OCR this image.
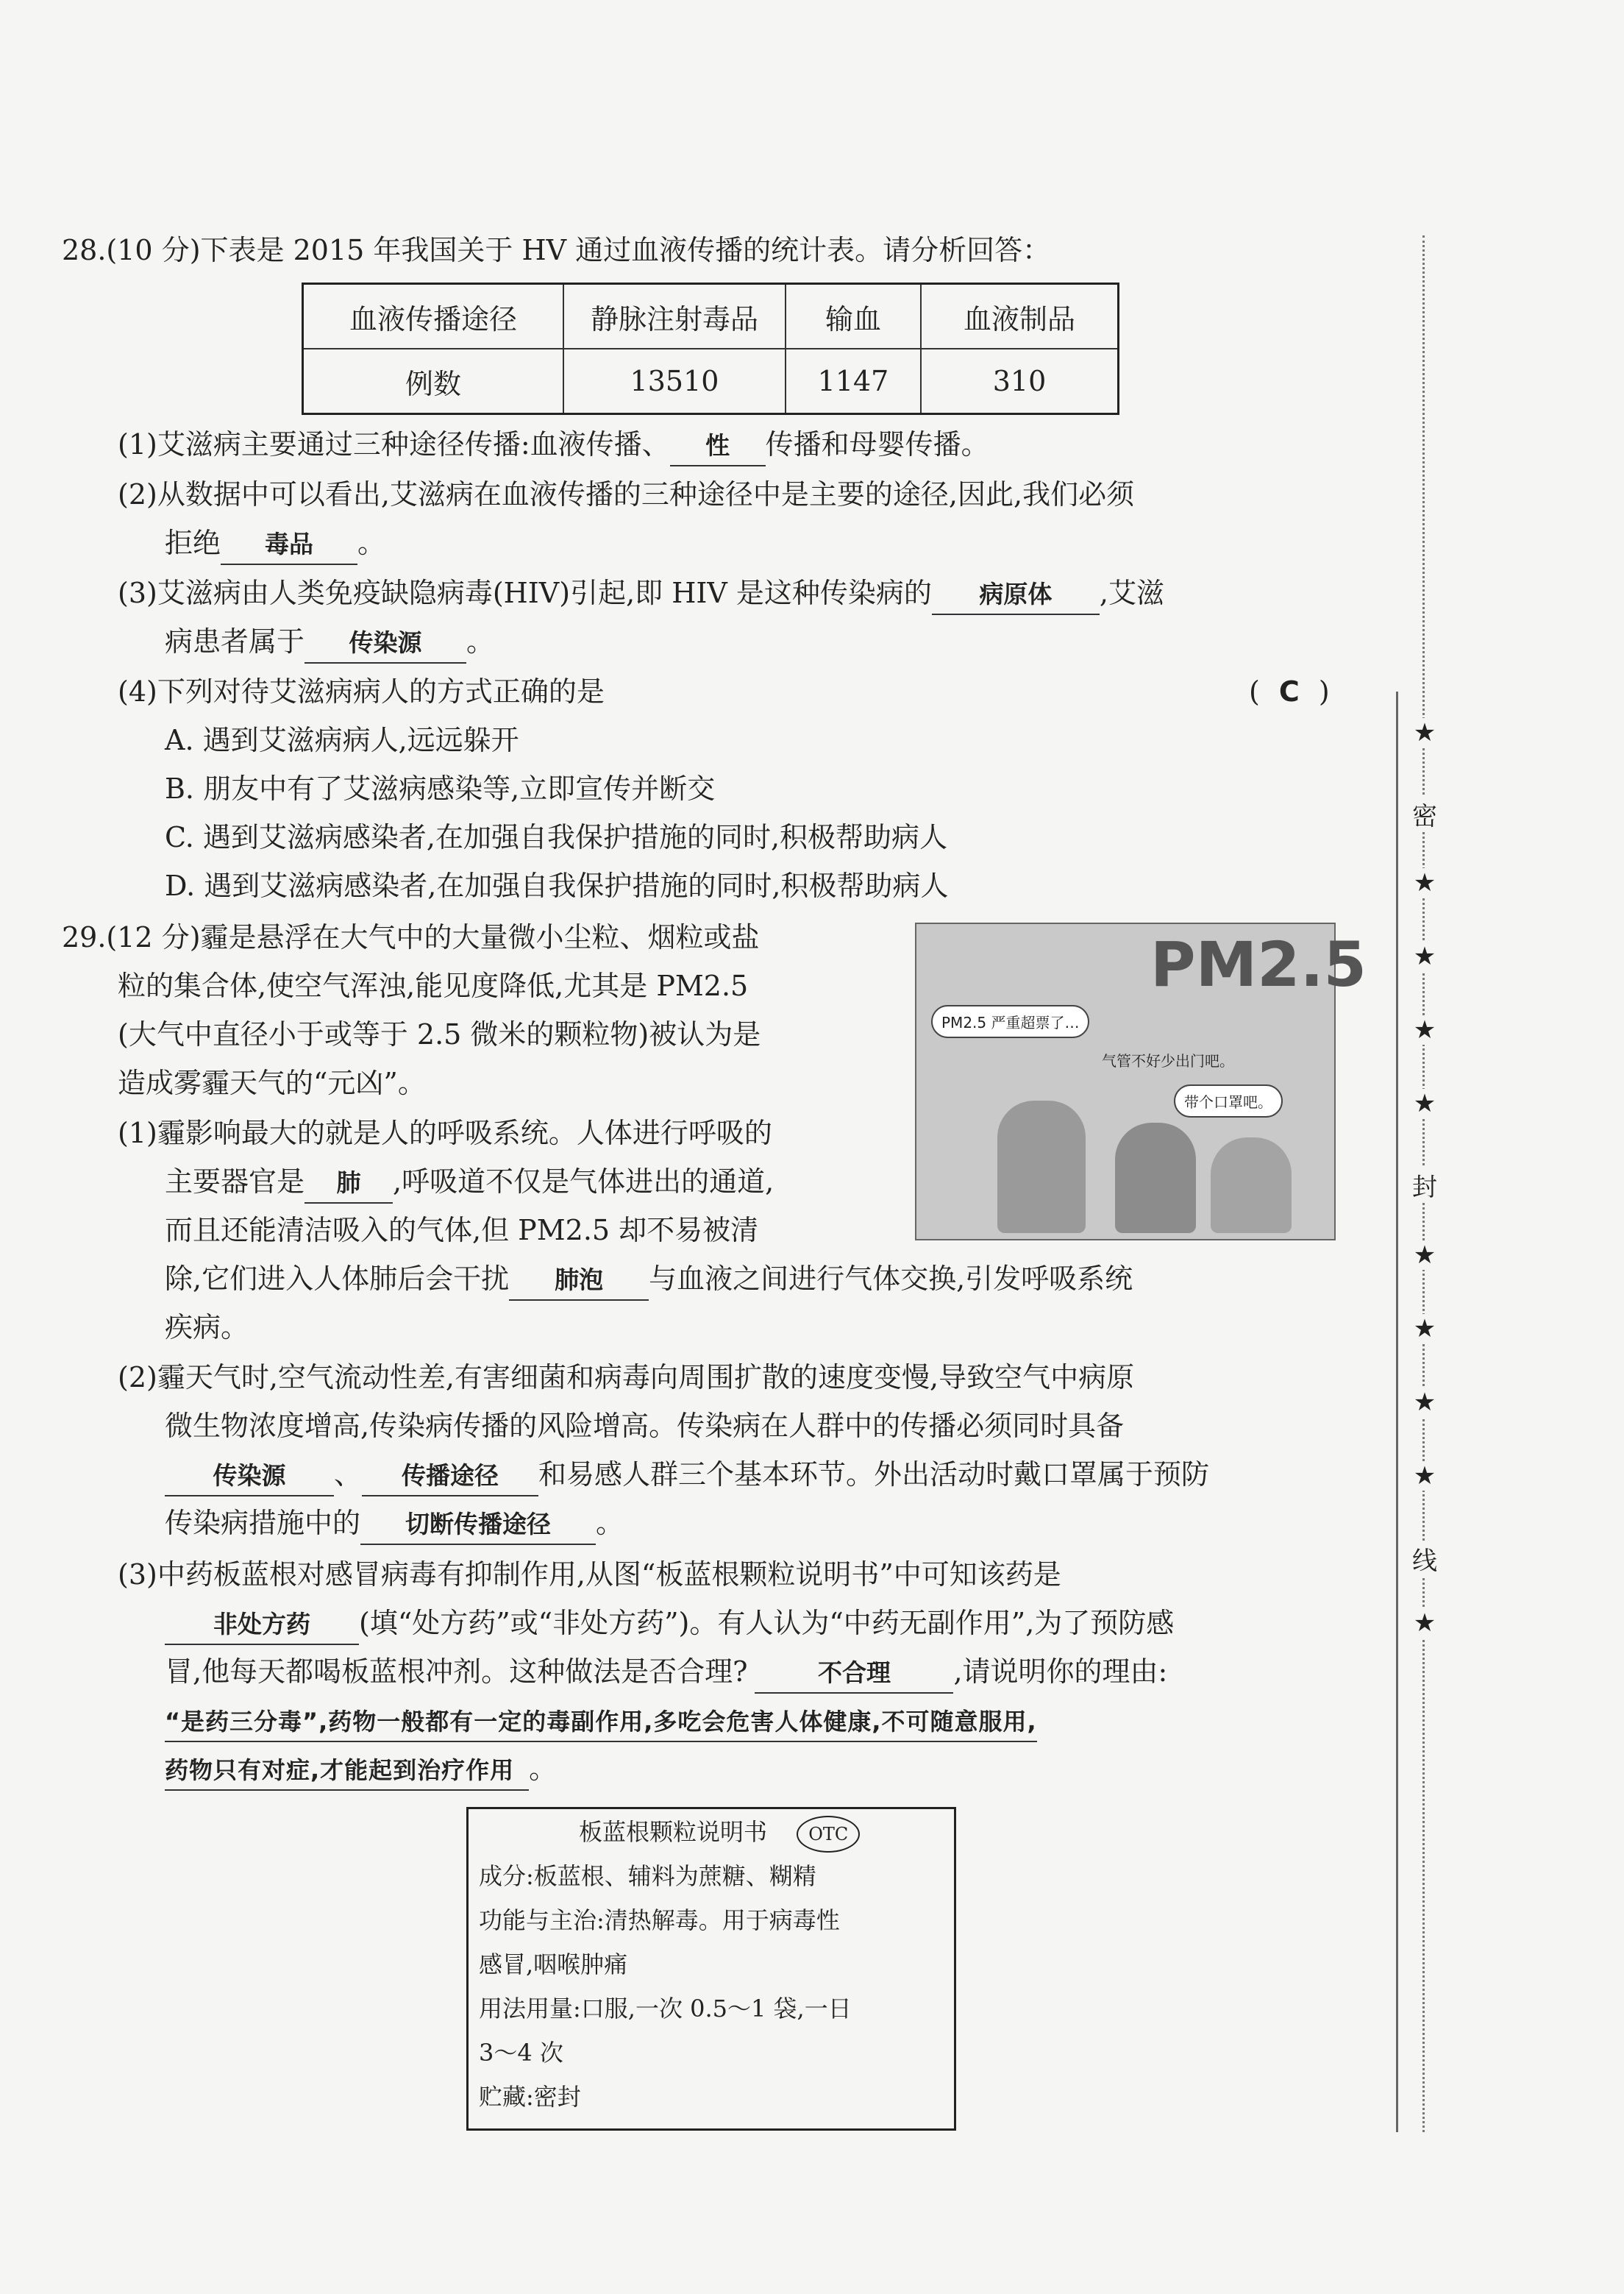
28.(10 分)下表是 2015 年我国关于 HV 通过血液传播的统计表。请分析回答：
血液传播途径	静脉注射毒品	输血	血液制品
例数	13510	1147	310
(1)艾滋病主要通过三种途径传播:血液传播、 性 传播和母婴传播。
(2)从数据中可以看出,艾滋病在血液传播的三种途径中是主要的途径,因此,我们必须
拒绝 毒品 。
(3)艾滋病由人类免疫缺隐病毒(HIV)引起,即 HIV 是这种传染病的 病原体 ,艾滋
病患者属于 传染源 。
(4)下列对待艾滋病病人的方式正确的是	( C )
A. 遇到艾滋病病人,远远躲开
B. 朋友中有了艾滋病感染等,立即宣传并断交
C. 遇到艾滋病感染者,在加强自我保护措施的同时,积极帮助病人
D. 遇到艾滋病感染者,在加强自我保护措施的同时,积极帮助病人
29.(12 分)霾是悬浮在大气中的大量微小尘粒、烟粒或盐
粒的集合体,使空气浑浊,能见度降低,尤其是 PM2.5
(大气中直径小于或等于 2.5 微米的颗粒物)被认为是
造成雾霾天气的“元凶”。
PM2.5
PM2.5 严重超票了…
气管不好少出门吧。
带个口罩吧。
(1)霾影响最大的就是人的呼吸系统。人体进行呼吸的
主要器官是 肺 ,呼吸道不仅是气体进出的通道,
而且还能清洁吸入的气体,但 PM2.5 却不易被清
除,它们进入人体肺后会干扰 肺泡 与血液之间进行气体交换,引发呼吸系统
疾病。
(2)霾天气时,空气流动性差,有害细菌和病毒向周围扩散的速度变慢,导致空气中病原
微生物浓度增高,传染病传播的风险增高。传染病在人群中的传播必须同时具备
传染源 、 传播途径 和易感人群三个基本环节。外出活动时戴口罩属于预防
传染病措施中的 切断传播途径 。
(3)中药板蓝根对感冒病毒有抑制作用,从图“板蓝根颗粒说明书”中可知该药是
非处方药 (填“处方药”或“非处方药”)。有人认为“中药无副作用”,为了预防感
冒,他每天都喝板蓝根冲剂。这种做法是否合理?	不合理 ,请说明你的理由:
“是药三分毒”,药物一般都有一定的毒副作用,多吃会危害人体健康,不可随意服用,
药物只有对症,才能起到治疗作用 。
板蓝根颗粒说明书 OTC
成分:板蓝根、辅料为蔗糖、糊精
功能与主治:清热解毒。用于病毒性
感冒,咽喉肿痛
用法用量:口服,一次 0.5～1 袋,一日
3～4 次
贮藏:密封
★
密
★
★
★
★
封
★
★
★
★
线
★
